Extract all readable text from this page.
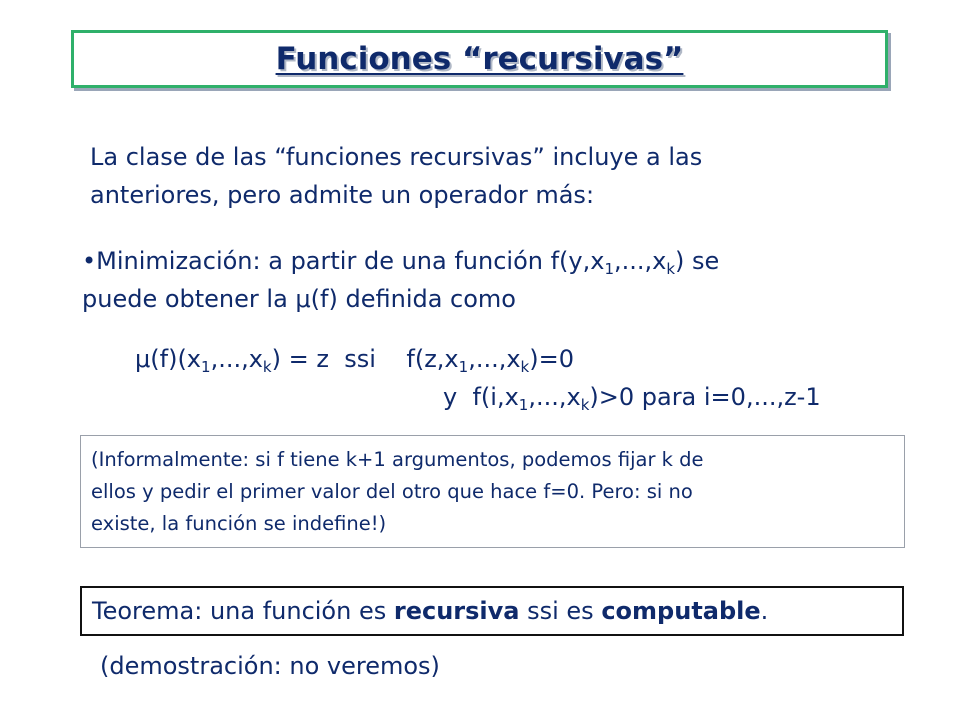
Funciones “recursivas”
La clase de las “funciones recursivas” incluye a las
anteriores, pero admite un operador más:
•Minimización: a partir de una función $f(y,x_1,...,x_k)$ se
puede obtener la μ(f) definida como
$\mu(f)(x_1,...,x_k) = z$  ssi    $f(z,x_1,...,x_k)=0$
y  $f(i,x_1,...,x_k)>0$ para i=0,...,z-1
(Informalmente: si f tiene k+1 argumentos, podemos fijar k de
ellos y pedir el primer valor del otro que hace f=0. Pero: si no
existe, la función se indefine!)
Teorema: una función es recursiva ssi es computable.
(demostración: no veremos)
